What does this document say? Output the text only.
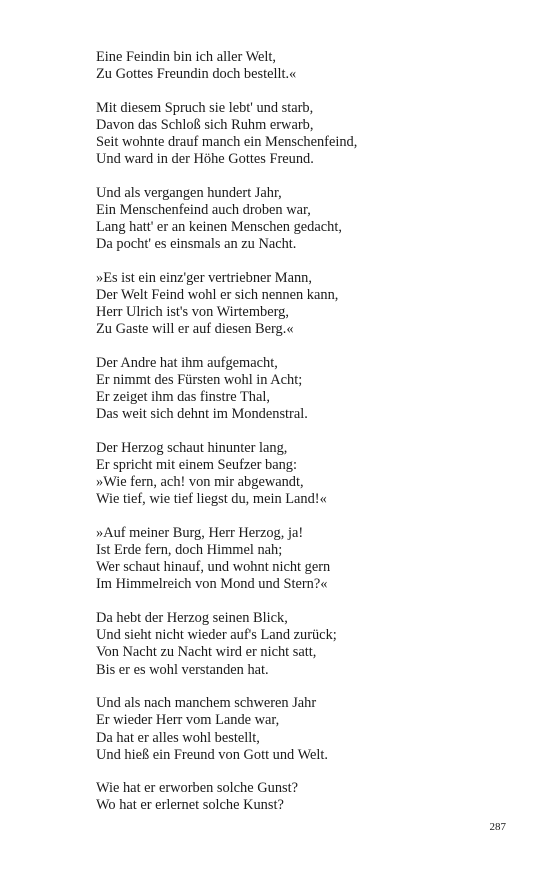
Eine Feindin bin ich aller Welt,
Zu Gottes Freundin doch bestellt.«
Mit diesem Spruch sie lebt' und starb,
Davon das Schloß sich Ruhm erwarb,
Seit wohnte drauf manch ein Menschenfeind,
Und ward in der Höhe Gottes Freund.
Und als vergangen hundert Jahr,
Ein Menschenfeind auch droben war,
Lang hatt' er an keinen Menschen gedacht,
Da pocht' es einsmals an zu Nacht.
»Es ist ein einz'ger vertriebner Mann,
Der Welt Feind wohl er sich nennen kann,
Herr Ulrich ist's von Wirtemberg,
Zu Gaste will er auf diesen Berg.«
Der Andre hat ihm aufgemacht,
Er nimmt des Fürsten wohl in Acht;
Er zeiget ihm das finstre Thal,
Das weit sich dehnt im Mondenstral.
Der Herzog schaut hinunter lang,
Er spricht mit einem Seufzer bang:
»Wie fern, ach! von mir abgewandt,
Wie tief, wie tief liegst du, mein Land!«
»Auf meiner Burg, Herr Herzog, ja!
Ist Erde fern, doch Himmel nah;
Wer schaut hinauf, und wohnt nicht gern
Im Himmelreich von Mond und Stern?«
Da hebt der Herzog seinen Blick,
Und sieht nicht wieder auf's Land zurück;
Von Nacht zu Nacht wird er nicht satt,
Bis er es wohl verstanden hat.
Und als nach manchem schweren Jahr
Er wieder Herr vom Lande war,
Da hat er alles wohl bestellt,
Und hieß ein Freund von Gott und Welt.
Wie hat er erworben solche Gunst?
Wo hat er erlernet solche Kunst?
287
